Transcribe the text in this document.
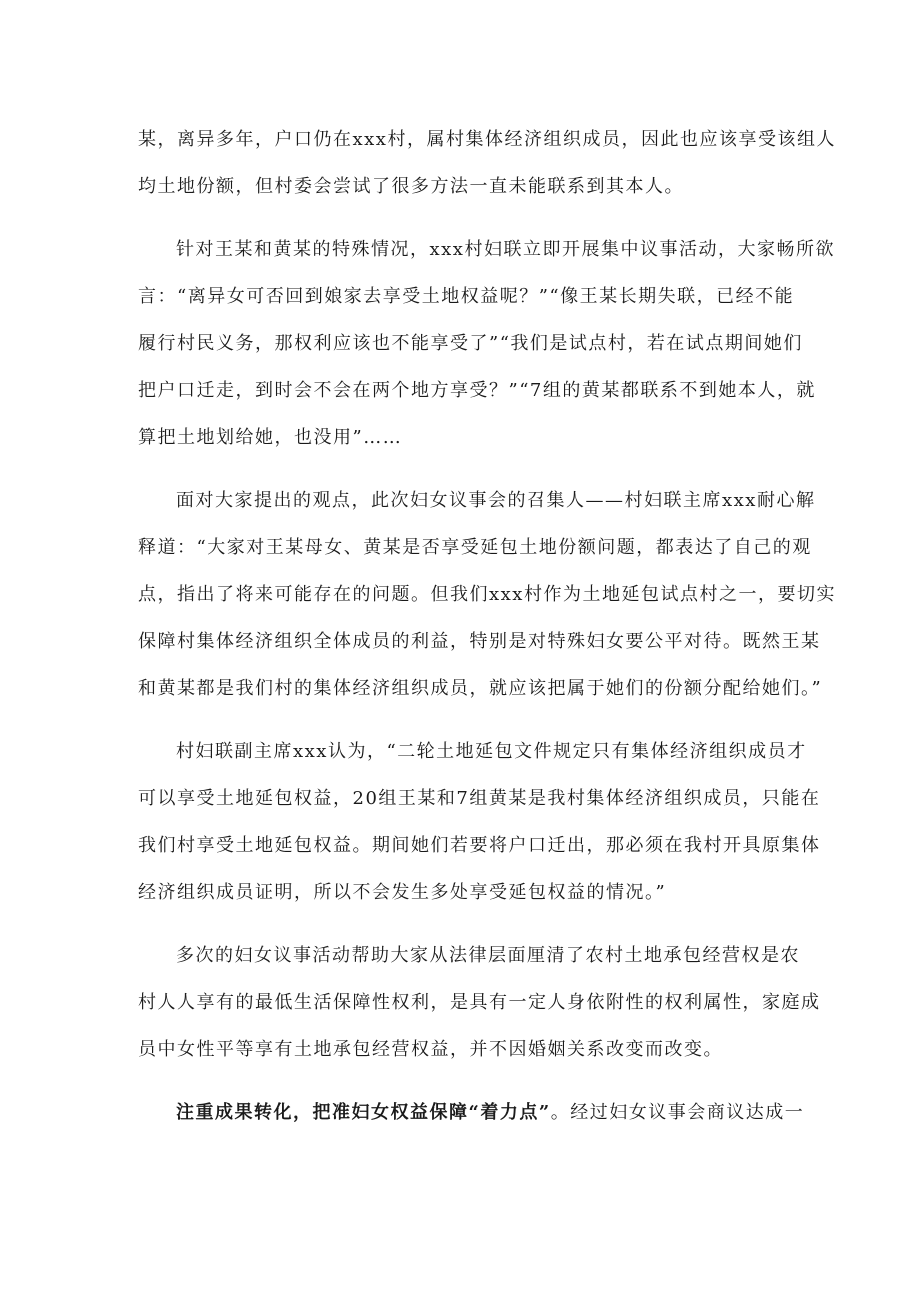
某，离异多年，户口仍在xxx村，属村集体经济组织成员，因此也应该享受该组人
均土地份额，但村委会尝试了很多方法一直未能联系到其本人。
针对王某和黄某的特殊情况，xxx村妇联立即开展集中议事活动，大家畅所欲
言：“离异女可否回到娘家去享受土地权益呢？”“像王某长期失联，已经不能
履行村民义务，那权利应该也不能享受了”“我们是试点村，若在试点期间她们
把户口迁走，到时会不会在两个地方享受？”“7组的黄某都联系不到她本人，就
算把土地划给她，也没用”……
面对大家提出的观点，此次妇女议事会的召集人——村妇联主席xxx耐心解
释道：“大家对王某母女、黄某是否享受延包土地份额问题，都表达了自己的观
点，指出了将来可能存在的问题。但我们xxx村作为土地延包试点村之一，要切实
保障村集体经济组织全体成员的利益，特别是对特殊妇女要公平对待。既然王某
和黄某都是我们村的集体经济组织成员，就应该把属于她们的份额分配给她们。”
村妇联副主席xxx认为，“二轮土地延包文件规定只有集体经济组织成员才
可以享受土地延包权益，20组王某和7组黄某是我村集体经济组织成员，只能在
我们村享受土地延包权益。期间她们若要将户口迁出，那必须在我村开具原集体
经济组织成员证明，所以不会发生多处享受延包权益的情况。”
多次的妇女议事活动帮助大家从法律层面厘清了农村土地承包经营权是农
村人人享有的最低生活保障性权利，是具有一定人身依附性的权利属性，家庭成
员中女性平等享有土地承包经营权益，并不因婚姻关系改变而改变。
注重成果转化，把准妇女权益保障“着力点”。经过妇女议事会商议达成一
